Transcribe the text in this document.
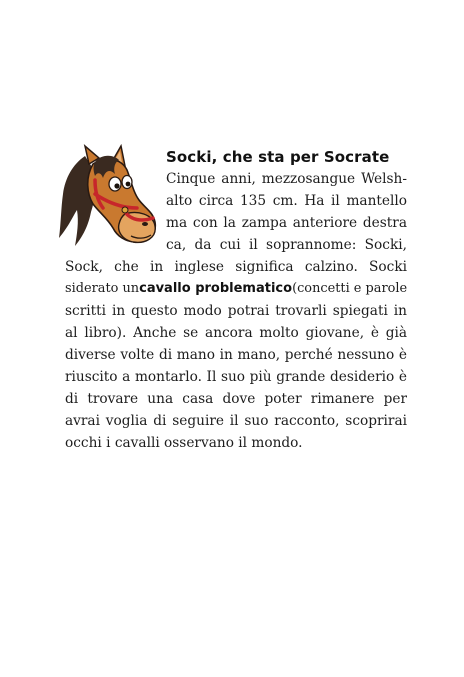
Socki, che sta per Socrate
Cinque anni, mezzosangue Welsh-
alto circa 135 cm. Ha il mantello
ma con la zampa anteriore destra
ca, da cui il soprannome: Socki,
Sock, che in inglese significa calzino. Socki
siderato un cavallo problematico (concetti e parole
scritti in questo modo potrai trovarli spiegati in
al libro). Anche se ancora molto giovane, è già
diverse volte di mano in mano, perché nessuno è
riuscito a montarlo. Il suo più grande desiderio è
di trovare una casa dove poter rimanere per
avrai voglia di seguire il suo racconto, scoprirai
occhi i cavalli osservano il mondo.
